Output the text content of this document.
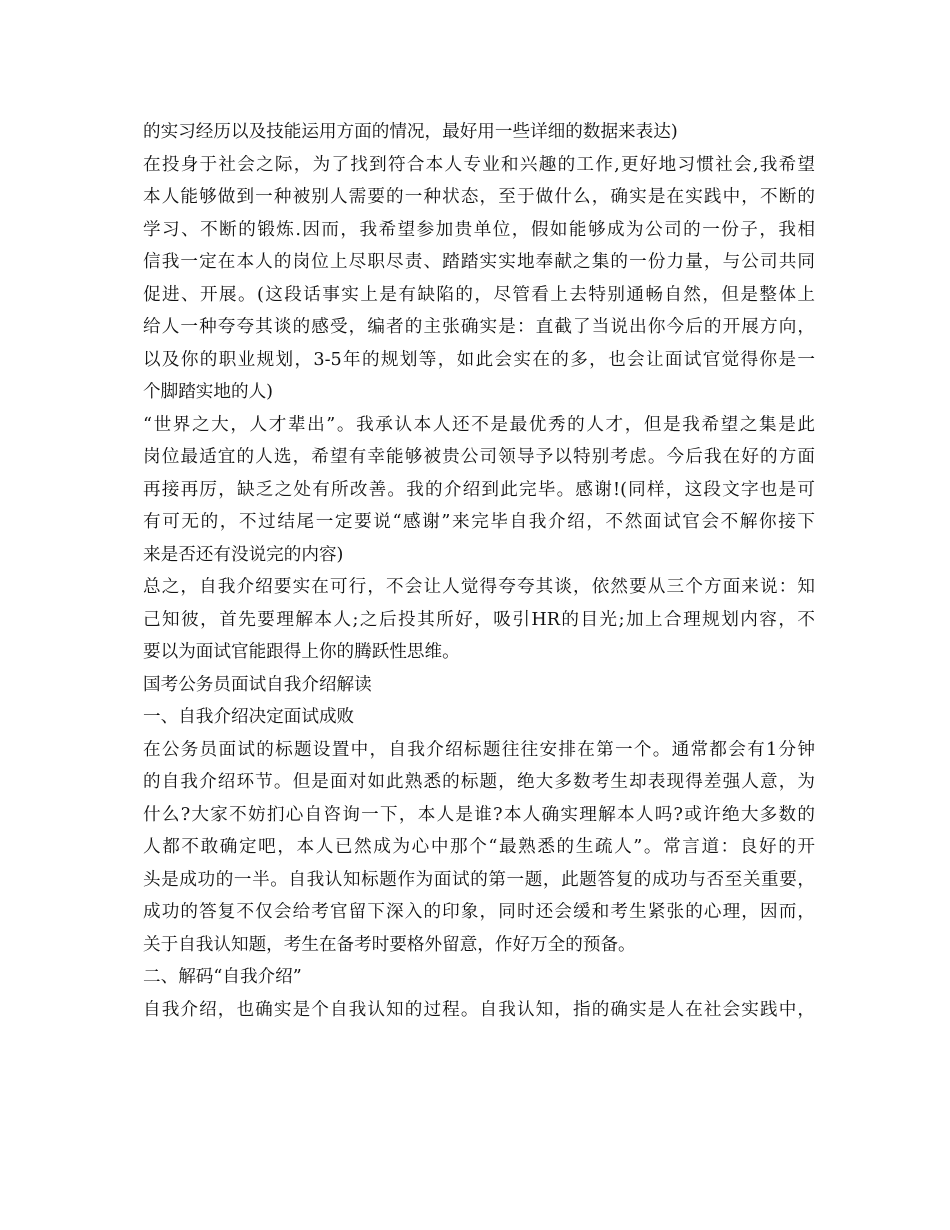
的实习经历以及技能运用方面的情况，最好用一些详细的数据来表达)
在投身于社会之际，为了找到符合本人专业和兴趣的工作,更好地习惯社会,我希望
本人能够做到一种被别人需要的一种状态，至于做什么，确实是在实践中，不断的
学习、不断的锻炼.因而，我希望参加贵单位，假如能够成为公司的一份子，我相
信我一定在本人的岗位上尽职尽责、踏踏实实地奉献之集的一份力量，与公司共同
促进、开展。(这段话事实上是有缺陷的，尽管看上去特别通畅自然，但是整体上
给人一种夸夸其谈的感受，编者的主张确实是：直截了当说出你今后的开展方向，
以及你的职业规划，3-5年的规划等，如此会实在的多，也会让面试官觉得你是一
个脚踏实地的人)
“世界之大，人才辈出”。我承认本人还不是最优秀的人才，但是我希望之集是此
岗位最适宜的人选，希望有幸能够被贵公司领导予以特别考虑。今后我在好的方面
再接再厉，缺乏之处有所改善。我的介绍到此完毕。感谢!(同样，这段文字也是可
有可无的，不过结尾一定要说“感谢”来完毕自我介绍，不然面试官会不解你接下
来是否还有没说完的内容)
总之，自我介绍要实在可行，不会让人觉得夸夸其谈，依然要从三个方面来说：知
己知彼，首先要理解本人;之后投其所好，吸引HR的目光;加上合理规划内容，不
要以为面试官能跟得上你的腾跃性思维。
国考公务员面试自我介绍解读
一、自我介绍决定面试成败
在公务员面试的标题设置中，自我介绍标题往往安排在第一个。通常都会有1分钟
的自我介绍环节。但是面对如此熟悉的标题，绝大多数考生却表现得差强人意，为
什么?大家不妨扪心自咨询一下，本人是谁?本人确实理解本人吗?或许绝大多数的
人都不敢确定吧，本人已然成为心中那个“最熟悉的生疏人”。常言道：良好的开
头是成功的一半。自我认知标题作为面试的第一题，此题答复的成功与否至关重要，
成功的答复不仅会给考官留下深入的印象，同时还会缓和考生紧张的心理，因而，
关于自我认知题，考生在备考时要格外留意，作好万全的预备。
二、解码“自我介绍”
自我介绍，也确实是个自我认知的过程。自我认知，指的确实是人在社会实践中，
